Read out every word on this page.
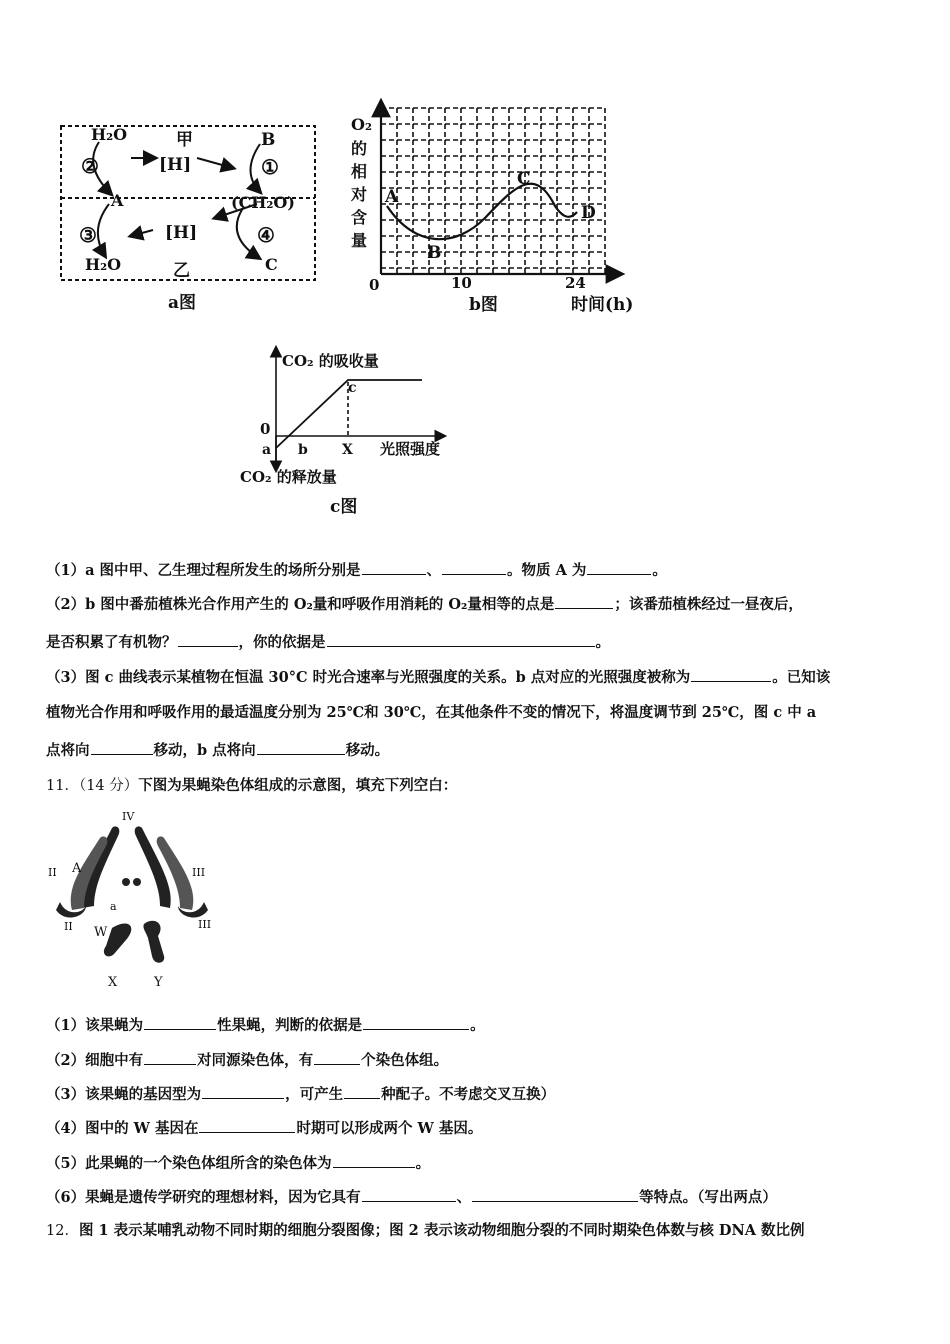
H₂O	甲	B
②	[H]	①
A	(CH₂O)
③	[H]	④
H₂O	乙	C
a图
O₂
的
相
对
含
量
A
B
C
D
0	10	24
b图	时间(h)
CO₂ 的吸收量
c
0
a b X 光照强度
CO₂ 的释放量
c图
（1）a 图中甲、乙生理过程所发生的场所分别是	、	。物质 A 为	。
（2）b 图中番茄植株光合作用产生的 O₂量和呼吸作用消耗的 O₂量相等的点是	；该番茄植株经过一昼夜后，
是否积累了有机物？	，你的依据是	。
（3）图 c 曲线表示某植物在恒温 30°C 时光合速率与光照强度的关系。b 点对应的光照强度被称为	。已知该
植物光合作用和呼吸作用的最适温度分别为 25℃和 30℃，在其他条件不变的情况下，将温度调节到 25℃，图 c 中 a
点将向	移动，b 点将向	移动。
11．（14 分）下图为果蝇染色体组成的示意图，填充下列空白：
IV
II A	III
a
II W
III
X	Y
（1）该果蝇为	性果蝇，判断的依据是	。
（2）细胞中有	对同源染色体，有	个染色体组。
（3）该果蝇的基因型为	，可产生	种配子。不考虑交叉互换）
（4）图中的 W 基因在	时期可以形成两个 W 基因。
（5）此果蝇的一个染色体组所含的染色体为	。
（6）果蝇是遗传学研究的理想材料，因为它具有	、	等特点。（写出两点）
12．图 1 表示某哺乳动物不同时期的细胞分裂图像；图 2 表示该动物细胞分裂的不同时期染色体数与核 DNA 数比例
